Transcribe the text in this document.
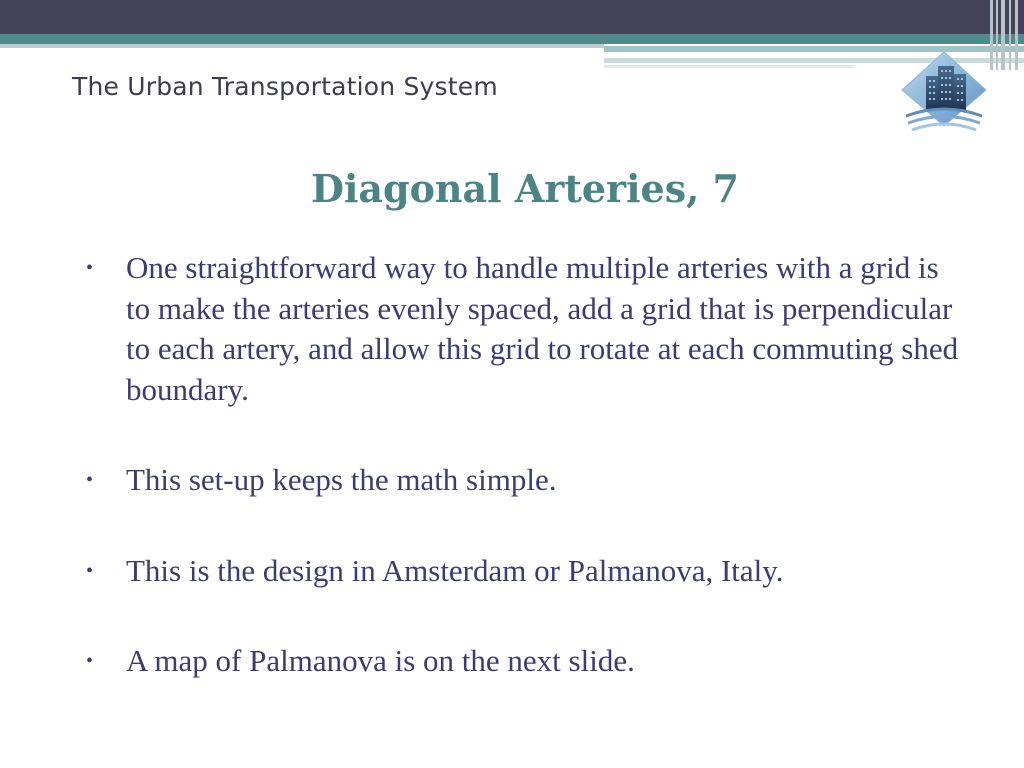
The Urban Transportation System
Diagonal Arteries, 7
• One straightforward way to handle multiple arteries with a grid is to make the arteries evenly spaced, add a grid that is perpendicular to each artery, and allow this grid to rotate at each commuting shed boundary.
• This set-up keeps the math simple.
• This is the design in Amsterdam or Palmanova, Italy.
• A map of Palmanova is on the next slide.
